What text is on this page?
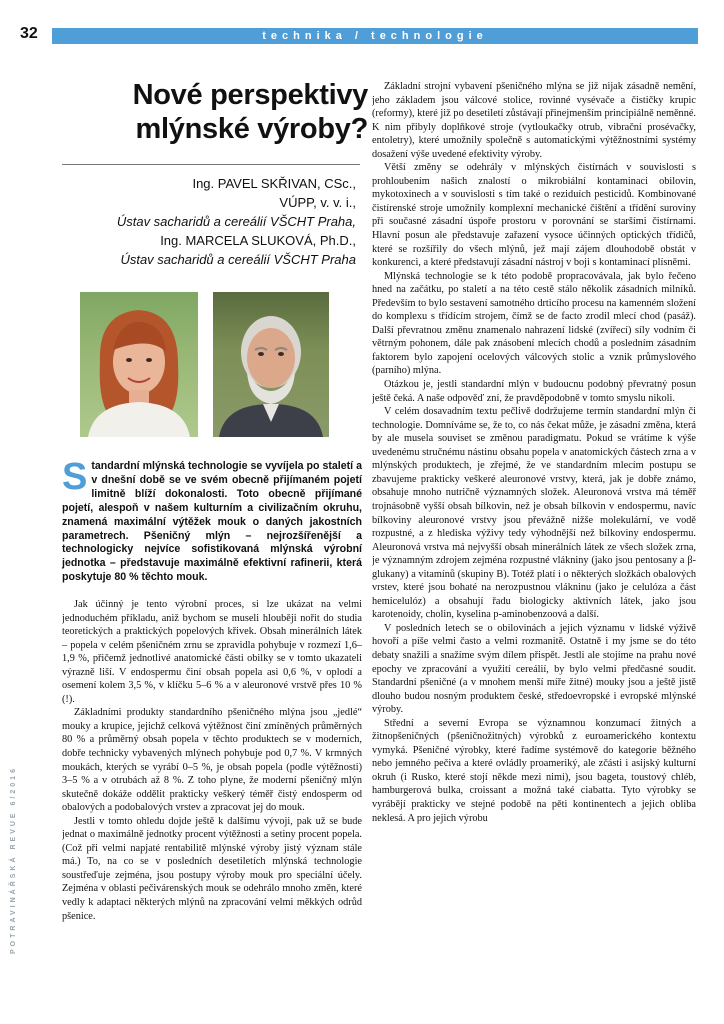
32	technika / technologie
POTRAVINÁŘSKÁ REVUE 6/2016
Nové perspektivy
mlýnské výroby?
Ing. PAVEL SKŘIVAN, CSc.,
VÚPP, v. v. i.,
Ústav sacharidů a cereálií VŠCHT Praha,
Ing. MARCELA SLUKOVÁ, Ph.D.,
Ústav sacharidů a cereálií VŠCHT Praha
Standardní mlýnská technologie se vyvíjela po staletí a v dnešní době se ve svém obecně přijímaném pojetí limitně blíží dokonalosti. Toto obecně přijímané pojetí, alespoň v našem kulturním a civilizačním okruhu, znamená maximální výtěžek mouk o daných jakostních parametrech. Pšeničný mlýn – nejrozšířenější a technologicky nejvíce sofistikovaná mlýnská výrobní jednotka – představuje maximálně efektivní rafinerii, která poskytuje 80 % těchto mouk.

Jak účinný je tento výrobní proces, si lze ukázat na velmi jednoduchém příkladu, aniž bychom se museli hlouběji nořit do studia teoretických a praktických popelových křivek. Obsah minerálních látek – popela v celém pšeničném zrnu se zpravidla pohybuje v rozmezí 1,6–1,9 %, přičemž jednotlivé anatomické části obilky se v tomto ukazateli výrazně liší. V endospermu činí obsah popela asi 0,6 %, v oplodí a osemení kolem 3,5 %, v klíčku 5–6 % a v aleuronové vrstvě přes 10 % (!).

Základními produkty standardního pšeničného mlýna jsou „jedlé“ mouky a krupice, jejichž celková výtěžnost činí zmíněných průměrných 80 % a průměrný obsah popela v těchto produktech se v moderních, dobře technicky vybavených mlýnech pohybuje pod 0,7 %. V krmných moukách, kterých se vyrábí 0–5 %, je obsah popela (podle výtěžnosti) 3–5 % a v otrubách až 8 %. Z toho plyne, že moderní pšeničný mlýn skutečně dokáže oddělit prakticky veškerý téměř čistý endosperm od obalových a podobalových vrstev a zpracovat jej do mouk.

Jestli v tomto ohledu dojde ještě k dalšímu vývoji, pak už se bude jednat o maximálně jednotky procent výtěžnosti a setiny procent popela. (Což při velmi napjaté rentabilitě mlýnské výroby jistý význam stále má.) To, na co se v posledních desetiletích mlýnská technologie soustřeďuje zejména, jsou postupy výroby mouk pro speciální účely. Zejména v oblasti pečivárenských mouk se odehrálo mnoho změn, které vedly k adaptaci některých mlýnů na zpracování velmi měkkých odrůd pšenice.

Základní strojní vybavení pšeničného mlýna se již nijak zásadně nemění, jeho základem jsou válcové stolice, rovinné vysévače a čističky krupic (reformy), které již po desetiletí zůstávají přinejmenším principiálně neměnné. K nim přibyly doplňkové stroje (vytloukačky otrub, vibrační prosévačky, entoletry), které umožnily společně s automatickými výtěžnostními systémy dosažení výše uvedené efektivity výroby.

Větší změny se odehrály v mlýnských čistírnách v souvislosti s prohloubením našich znalostí o mikrobiální kontaminaci obilovin, mykotoxinech a v souvislosti s tím také o reziduích pesticidů. Kombinované čistírenské stroje umožnily komplexní mechanické čištění a třídění suroviny při současné zásadní úspoře prostoru v porovnání se staršími čistírnami. Hlavní posun ale představuje zařazení vysoce účinných optických třídičů, které se rozšířily do všech mlýnů, jež mají zájem dlouhodobě obstát v konkurenci, a které představují zásadní nástroj v boji s kontaminací plísněmi.

Mlýnská technologie se k této podobě propracovávala, jak bylo řečeno hned na začátku, po staletí a na této cestě stálo několik zásadních milníků. Především to bylo sestavení samotného drticího procesu na kamenném složení do komplexu s třídícím strojem, čímž se de facto zrodil mlecí chod (pasáž). Další převratnou změnu znamenalo nahrazení lidské (zvířecí) síly vodním či větrným pohonem, dále pak znásobení mlecích chodů a posledním zásadním faktorem bylo zapojení ocelových válcových stolic a vznik průmyslového (parního) mlýna.

Otázkou je, jestli standardní mlýn v budoucnu podobný převratný posun ještě čeká. A naše odpověď zní, že pravděpodobně v tomto smyslu nikoli.

V celém dosavadním textu pečlivě dodržujeme termín standardní mlýn či technologie. Domníváme se, že to, co nás čekat může, je zásadní změna, která by ale musela souviset se změnou paradigmatu. Pokud se vrátíme k výše uvedenému stručnému nástinu obsahu popela v anatomických částech zrna a v mlýnských produktech, je zřejmé, že ve standardním mlecím postupu se zbavujeme prakticky veškeré aleuronové vrstvy, která, jak je dobře známo, obsahuje mnoho nutričně významných složek. Aleuronová vrstva má téměř trojnásobně vyšší obsah bílkovin, než je obsah bílkovin v endospermu, navíc bílkoviny aleuronové vrstvy jsou převážně nižše molekulární, ve vodě rozpustné, a z hlediska výživy tedy výhodnější než bílkoviny endospermu. Aleuronová vrstva má nejvyšší obsah minerálních látek ze všech složek zrna, je významným zdrojem zejména rozpustné vlákniny (jako jsou pentosany a β-glukany) a vitamínů (skupiny B). Totéž platí i o některých složkách obalových vrstev, které jsou bohaté na nerozpustnou vlákninu (jako je celulóza a část hemicelulóz) a obsahují řadu biologicky aktivních látek, jako jsou karotenoidy, cholin, kyselina p-aminobenzoová a další.

V posledních letech se o obilovinách a jejich významu v lidské výživě hovoří a píše velmi často a velmi rozmanitě. Ostatně i my jsme se do této debaty snažili a snažíme svým dílem přispět. Jestli ale stojíme na prahu nové epochy ve zpracování a využití cereálií, by bylo velmi předčasné soudit. Standardní pšeničné (a v mnohem menší míře žitné) mouky jsou a ještě jistě dlouho budou nosným produktem české, středoevropské i evropské mlýnské výroby.

Střední a severní Evropa se významnou konzumací žitných a žitnopšeničných (pšeničnožitných) výrobků z euroamerického kontextu vymyká. Pšeničné výrobky, které řadíme systémově do kategorie běžného nebo jemného pečiva a které ovládly proameriký, ale zčásti i asijský kulturní okruh (i Rusko, které stojí někde mezi nimi), jsou bageta, toustový chléb, hamburgerová bulka, croissant a možná také ciabatta. Tyto výrobky se vyrábějí prakticky ve stejné podobě na pěti kontinentech a jejich obliba neklesá. A pro jejich výrobu
